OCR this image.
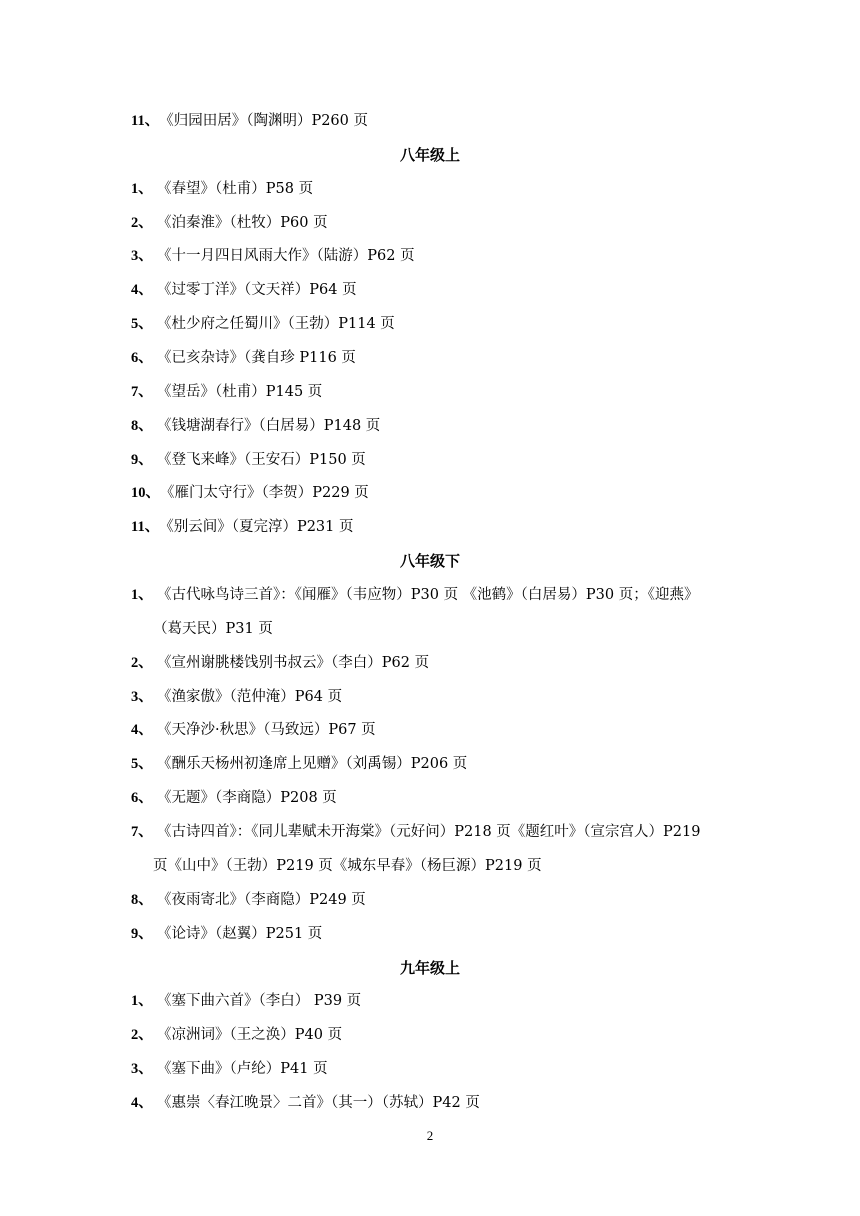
11、《归园田居》（陶渊明）P260 页
八年级上
1、 《春望》（杜甫）P58 页
2、 《泊秦淮》（杜牧）P60 页
3、 《十一月四日风雨大作》（陆游）P62 页
4、 《过零丁洋》（文天祥）P64 页
5、 《杜少府之任蜀川》（王勃）P114 页
6、 《已亥杂诗》（龚自珍 P116 页
7、 《望岳》（杜甫）P145 页
8、 《钱塘湖春行》（白居易）P148 页
9、 《登飞来峰》（王安石）P150 页
10、《雁门太守行》（李贺）P229 页
11、《别云间》（夏完淳）P231 页
八年级下
1、 《古代咏鸟诗三首》：《闻雁》（韦应物）P30 页 《池鹤》（白居易）P30 页；《迎燕》
（葛天民）P31 页
2、 《宣州谢朓楼饯别书叔云》（李白）P62 页
3、 《渔家傲》（范仲淹）P64 页
4、 《天净沙·秋思》（马致远）P67 页
5、 《酬乐天杨州初逢席上见赠》（刘禹锡）P206 页
6、 《无题》（李商隐）P208 页
7、 《古诗四首》：《同儿辈赋未开海棠》（元好问）P218 页《题红叶》（宣宗宫人）P219
页《山中》（王勃）P219 页《城东早春》（杨巨源）P219 页
8、 《夜雨寄北》（李商隐）P249 页
9、 《论诗》（赵翼）P251 页
九年级上
1、 《塞下曲六首》（李白） P39 页
2、 《凉洲词》（王之涣）P40 页
3、 《塞下曲》（卢纶）P41 页
4、 《惠崇〈春江晚景〉二首》（其一）（苏轼）P42 页
2
